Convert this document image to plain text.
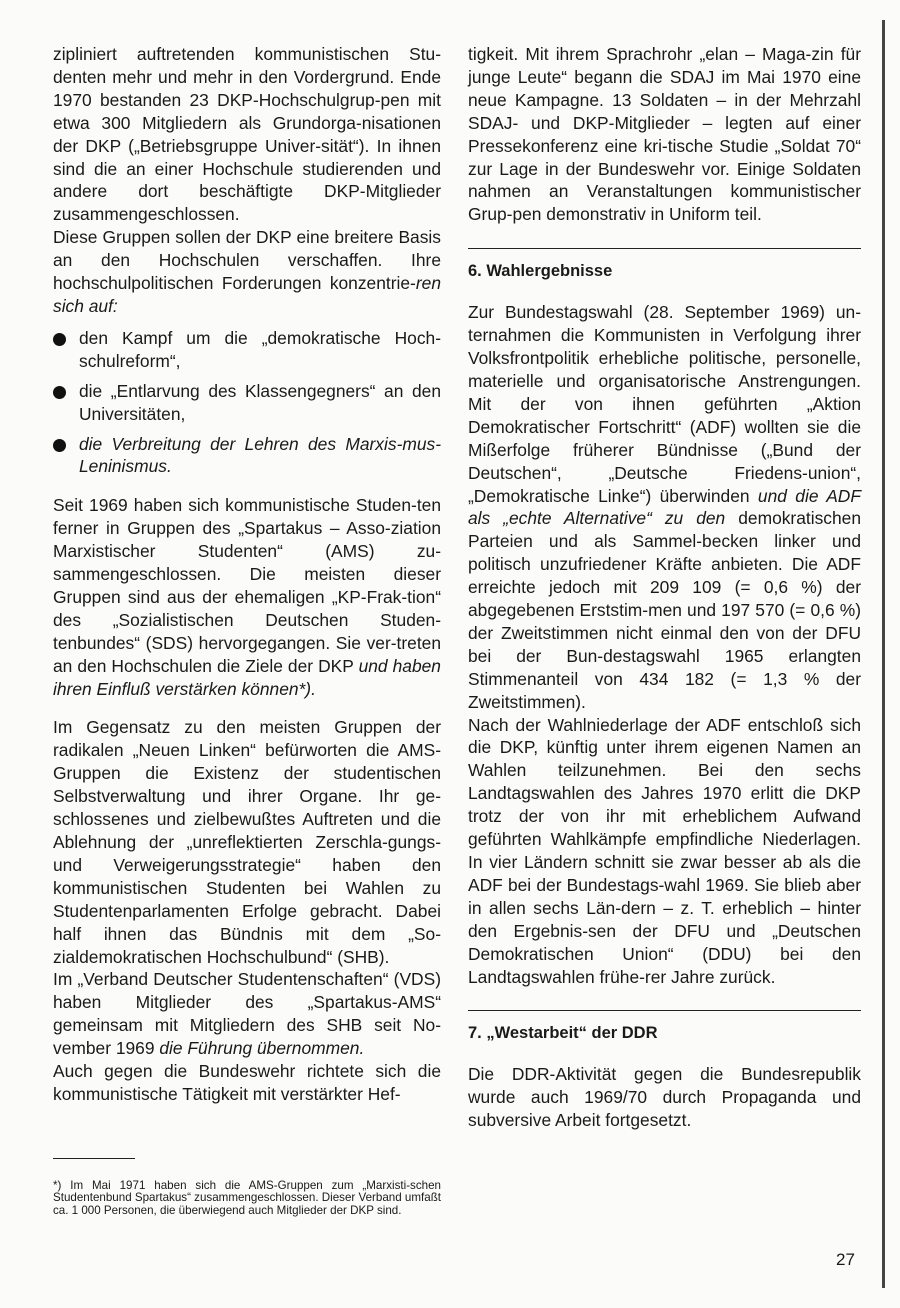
zipliniert auftretenden kommunistischen Stu-denten mehr und mehr in den Vordergrund. Ende 1970 bestanden 23 DKP-Hochschulgrup-pen mit etwa 300 Mitgliedern als Grundorga-nisationen der DKP („Betriebsgruppe Univer-sität“). In ihnen sind die an einer Hochschule studierenden und andere dort beschäftigte DKP-Mitglieder zusammengeschlossen.

Diese Gruppen sollen der DKP eine breitere Basis an den Hochschulen verschaffen. Ihre hochschulpolitischen Forderungen konzentrie-ren sich auf:

den Kampf um die „demokratische Hoch-schulreform“,
die „Entlarvung des Klassengegners“ an den Universitäten,
die Verbreitung der Lehren des Marxis-mus-Leninismus.

Seit 1969 haben sich kommunistische Studen-ten ferner in Gruppen des „Spartakus – Asso-ziation Marxistischer Studenten“ (AMS) zu-sammengeschlossen. Die meisten dieser Gruppen sind aus der ehemaligen „KP-Frak-tion“ des „Sozialistischen Deutschen Studen-tenbundes“ (SDS) hervorgegangen. Sie ver-treten an den Hochschulen die Ziele der DKP und haben ihren Einfluß verstärken können*).

Im Gegensatz zu den meisten Gruppen der radikalen „Neuen Linken“ befürworten die AMS-Gruppen die Existenz der studentischen Selbstverwaltung und ihrer Organe. Ihr ge-schlossenes und zielbewußtes Auftreten und die Ablehnung der „unreflektierten Zerschla-gungs- und Verweigerungsstrategie“ haben den kommunistischen Studenten bei Wahlen zu Studentenparlamenten Erfolge gebracht. Dabei half ihnen das Bündnis mit dem „So-zialdemokratischen Hochschulbund“ (SHB).

Im „Verband Deutscher Studentenschaften“ (VDS) haben Mitglieder des „Spartakus-AMS“ gemeinsam mit Mitgliedern des SHB seit No-vember 1969 die Führung übernommen.

Auch gegen die Bundeswehr richtete sich die kommunistische Tätigkeit mit verstärkter Hef-

*) Im Mai 1971 haben sich die AMS-Gruppen zum „Marxisti-schen Studentenbund Spartakus“ zusammengeschlossen. Dieser Verband umfaßt ca. 1 000 Personen, die überwiegend auch Mitglieder der DKP sind.

tigkeit. Mit ihrem Sprachrohr „elan – Maga-zin für junge Leute“ begann die SDAJ im Mai 1970 eine neue Kampagne. 13 Soldaten – in der Mehrzahl SDAJ- und DKP-Mitglieder – legten auf einer Pressekonferenz eine kri-tische Studie „Soldat 70“ zur Lage in der Bundeswehr vor. Einige Soldaten nahmen an Veranstaltungen kommunistischer Grup-pen demonstrativ in Uniform teil.

6. Wahlergebnisse

Zur Bundestagswahl (28. September 1969) un-ternahmen die Kommunisten in Verfolgung ihrer Volksfrontpolitik erhebliche politische, personelle, materielle und organisatorische Anstrengungen. Mit der von ihnen geführten „Aktion Demokratischer Fortschritt“ (ADF) wollten sie die Mißerfolge früherer Bündnisse („Bund der Deutschen“, „Deutsche Friedens-union“, „Demokratische Linke“) überwinden und die ADF als „echte Alternative“ zu den demokratischen Parteien und als Sammel-becken linker und politisch unzufriedener Kräfte anbieten. Die ADF erreichte jedoch mit 209 109 (= 0,6 %) der abgegebenen Erststim-men und 197 570 (= 0,6 %) der Zweitstimmen nicht einmal den von der DFU bei der Bun-destagswahl 1965 erlangten Stimmenanteil von 434 182 (= 1,3 % der Zweitstimmen).

Nach der Wahlniederlage der ADF entschloß sich die DKP, künftig unter ihrem eigenen Namen an Wahlen teilzunehmen. Bei den sechs Landtagswahlen des Jahres 1970 erlitt die DKP trotz der von ihr mit erheblichem Aufwand geführten Wahlkämpfe empfindliche Niederlagen. In vier Ländern schnitt sie zwar besser ab als die ADF bei der Bundestags-wahl 1969. Sie blieb aber in allen sechs Län-dern – z. T. erheblich – hinter den Ergebnis-sen der DFU und „Deutschen Demokratischen Union“ (DDU) bei den Landtagswahlen frühe-rer Jahre zurück.

7. „Westarbeit“ der DDR

Die DDR-Aktivität gegen die Bundesrepublik wurde auch 1969/70 durch Propaganda und subversive Arbeit fortgesetzt.

27
